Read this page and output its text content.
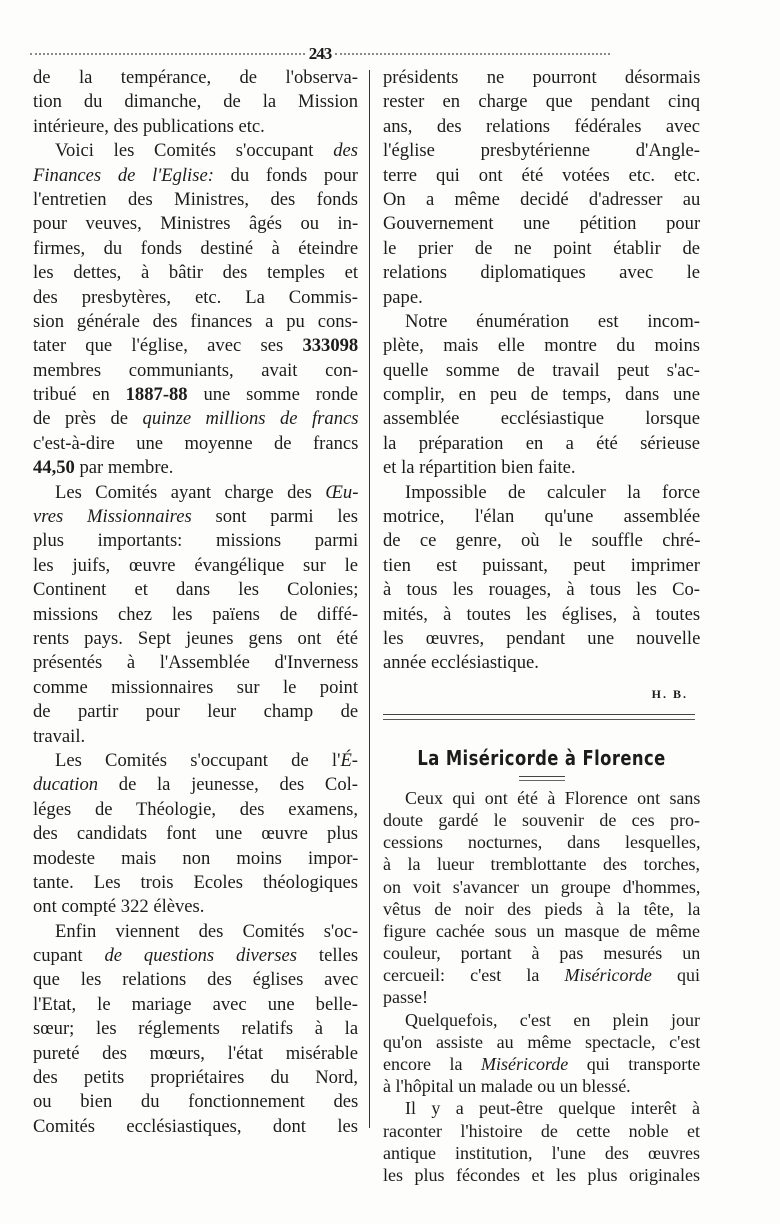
243
de la tempérance, de l'observa-
tion du dimanche, de la Mission
intérieure, des publications etc.
Voici les Comités s'occupant des
Finances de l'Eglise: du fonds pour
l'entretien des Ministres, des fonds
pour veuves, Ministres âgés ou in-
firmes, du fonds destiné à éteindre
les dettes, à bâtir des temples et
des presbytères, etc. La Commis-
sion générale des finances a pu cons-
tater que l'église, avec ses 333098
membres communiants, avait con-
tribué en 1887-88 une somme ronde
de près de quinze millions de francs
c'est-à-dire une moyenne de francs
44,50 par membre.
Les Comités ayant charge des Œu-
vres Missionnaires sont parmi les
plus importants: missions parmi
les juifs, œuvre évangélique sur le
Continent et dans les Colonies;
missions chez les païens de diffé-
rents pays. Sept jeunes gens ont été
présentés à l'Assemblée d'Inverness
comme missionnaires sur le point
de partir pour leur champ de
travail.
Les Comités s'occupant de l'É-
ducation de la jeunesse, des Col-
léges de Théologie, des examens,
des candidats font une œuvre plus
modeste mais non moins impor-
tante. Les trois Ecoles théologiques
ont compté 322 élèves.
Enfin viennent des Comités s'oc-
cupant de questions diverses telles
que les relations des églises avec
l'Etat, le mariage avec une belle-
sœur; les réglements relatifs à la
pureté des mœurs, l'état misérable
des petits propriétaires du Nord,
ou bien du fonctionnement des
Comités ecclésiastiques, dont les
présidents ne pourront désormais
rester en charge que pendant cinq
ans, des relations fédérales avec
l'église presbytérienne d'Angle-
terre qui ont été votées etc. etc.
On a même decidé d'adresser au
Gouvernement une pétition pour
le prier de ne point établir de
relations diplomatiques avec le
pape.
Notre énumération est incom-
plète, mais elle montre du moins
quelle somme de travail peut s'ac-
complir, en peu de temps, dans une
assemblée ecclésiastique lorsque
la préparation en a été sérieuse
et la répartition bien faite.
Impossible de calculer la force
motrice, l'élan qu'une assemblée
de ce genre, où le souffle chré-
tien est puissant, peut imprimer
à tous les rouages, à tous les Co-
mités, à toutes les églises, à toutes
les œuvres, pendant une nouvelle
année ecclésiastique.
H. B.
La Miséricorde à Florence
Ceux qui ont été à Florence ont sans
doute gardé le souvenir de ces pro-
cessions nocturnes, dans lesquelles,
à la lueur tremblottante des torches,
on voit s'avancer un groupe d'hommes,
vêtus de noir des pieds à la tête, la
figure cachée sous un masque de même
couleur, portant à pas mesurés un
cercueil: c'est la Miséricorde qui
passe!
Quelquefois, c'est en plein jour
qu'on assiste au même spectacle, c'est
encore la Miséricorde qui transporte
à l'hôpital un malade ou un blessé.
Il y a peut-être quelque interêt à
raconter l'histoire de cette noble et
antique institution, l'une des œuvres
les plus fécondes et les plus originales
